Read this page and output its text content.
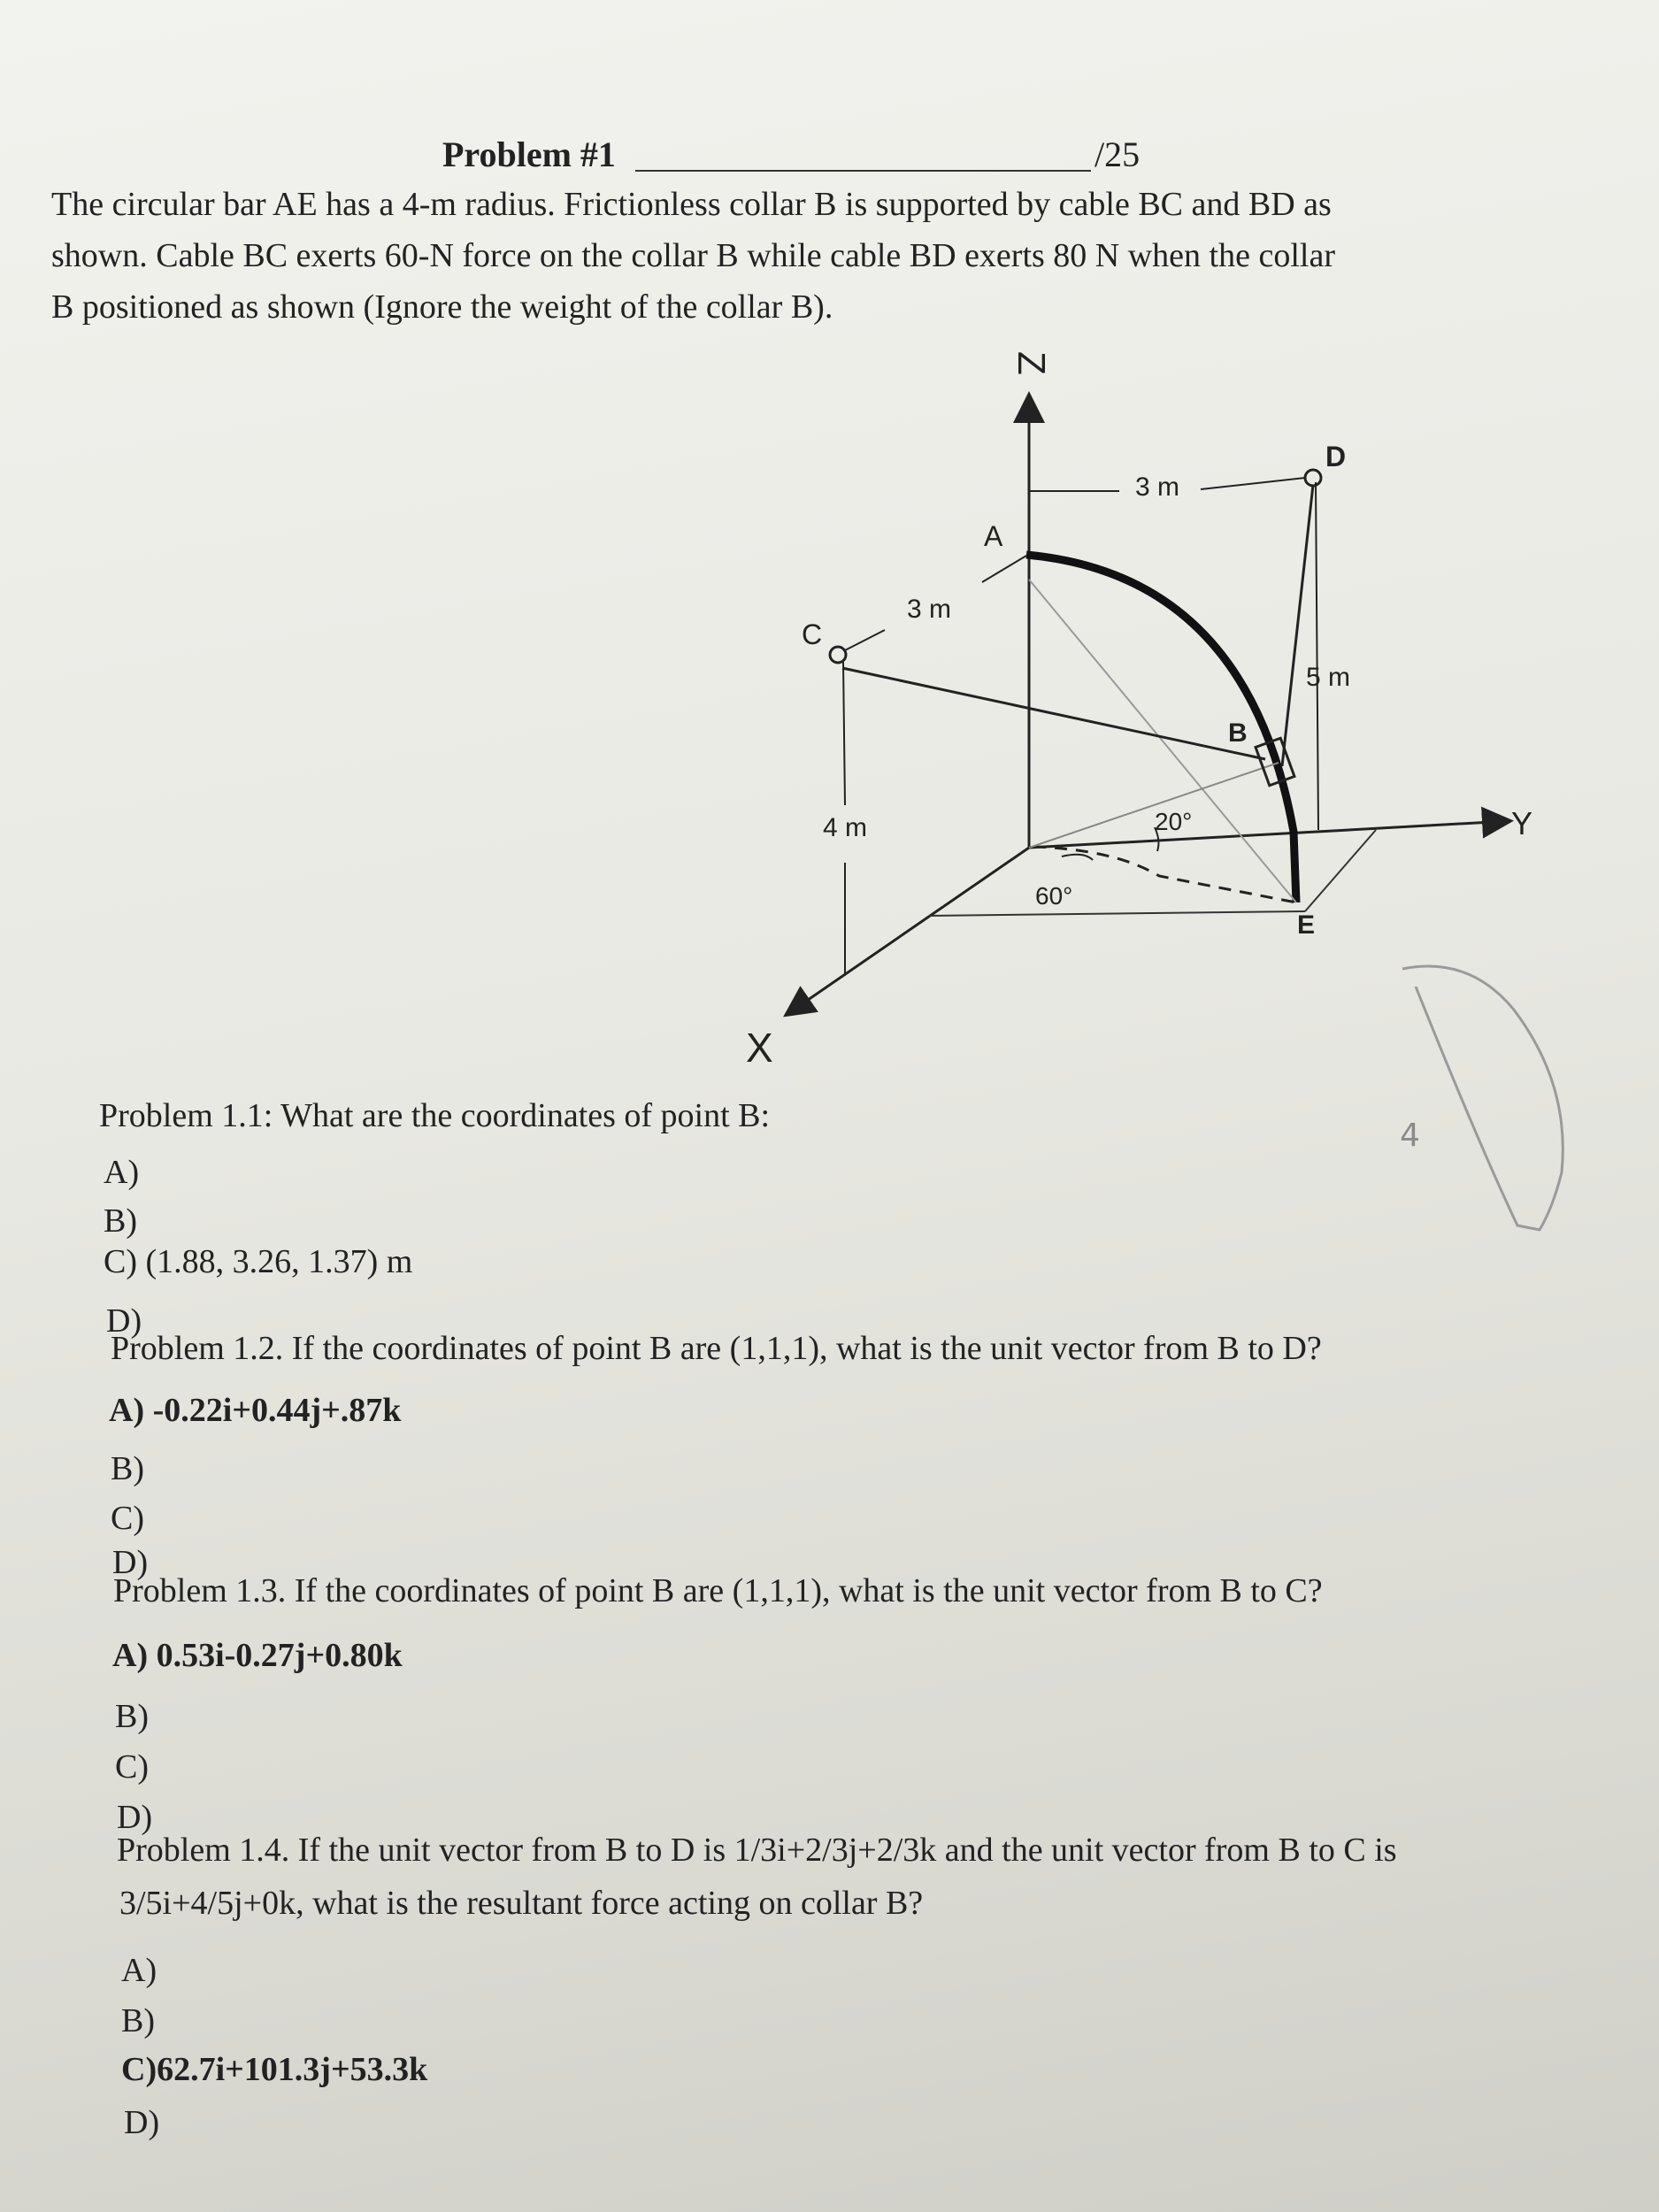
Problem #1	/25
The circular bar AE has a 4-m radius. Frictionless collar B is supported by cable BC and BD as
shown. Cable BC exerts 60-N force on the collar B while cable BD exerts 80 N when the collar
B positioned as shown (Ignore the weight of the collar B).
Z
Y
X
A
B
C
D
E
3 m
3 m
5 m
4 m	20°
60°
4
Problem 1.1: What are the coordinates of point B:
A)
B)
C) (1.88, 3.26, 1.37) m
D)
Problem 1.2. If the coordinates of point B are (1,1,1), what is the unit vector from B to D?
A) -0.22i+0.44j+.87k
B)
C)
D)
Problem 1.3. If the coordinates of point B are (1,1,1), what is the unit vector from B to C?
A) 0.53i-0.27j+0.80k
B)
C)
D)
Problem 1.4. If the unit vector from B to D is 1/3i+2/3j+2/3k and the unit vector from B to C is
3/5i+4/5j+0k, what is the resultant force acting on collar B?
A)
B)
C)62.7i+101.3j+53.3k
D)
